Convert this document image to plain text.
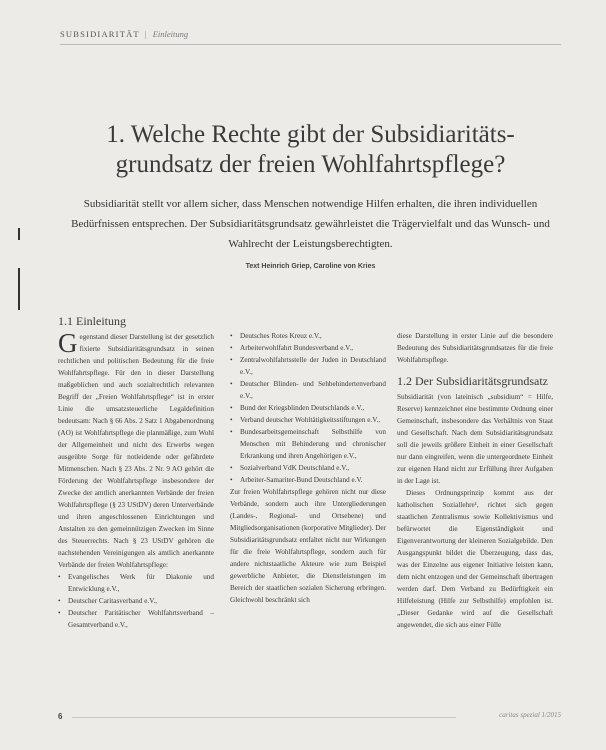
SUBSIDIARITÄT | Einleitung
1. Welche Rechte gibt der Subsidiaritäts-grundsatz der freien Wohlfahrtspflege?

Subsidiarität stellt vor allem sicher, dass Menschen notwendige Hilfen erhalten, die ihren individuellen Bedürfnissen entsprechen. Der Subsidiaritätsgrundsatz gewährleistet die Trägervielfalt und das Wunsch- und Wahlrecht der Leistungsberechtigten.

Text Heinrich Griep, Caroline von Kries
1.1 Einleitung

Gegenstand dieser Darstellung ist der gesetzlich fixierte Subsidiaritätsgrundsatz in seinen rechtlichen und politischen Bedeutung für die freie Wohlfahrtspflege. Für den in dieser Darstellung maßgeblichen und auch sozialrechtlich relevanten Begriff der „Freien Wohlfahrtspflege“ ist in erster Linie die umsatzsteuerliche Legaldefinition bedeutsam: Nach § 66 Abs. 2 Satz 1 Abgabenordnung (AO) ist Wohlfahrtspflege die planmäßige, zum Wohl der Allgemeinheit und nicht des Erwerbs wegen ausgeübte Sorge für notleidende oder gefährdete Mitmenschen. Nach § 23 Abs. 2 Nr. 9 AO gehört die Förderung der Wohlfahrtspflege insbesondere der Zwecke der amtlich anerkannten Verbände der freien Wohlfahrtspflege (§ 23 UStDV) deren Unterverbände und ihren angeschlossenen Einrichtungen und Anstalten zu den gemeinnützigen Zwecken im Sinne des Steuerrechts. Nach § 23 UStDV gehören die nachstehenden Vereinigungen als amtlich anerkannte Verbände der freien Wohlfahrtspflege:

• Evangelisches Werk für Diakonie und Entwicklung e.V.,
• Deutscher Caritasverband e.V.,
• Deutscher Paritätischer Wohlfahrtsverband – Gesamtverband e.V.,
• Deutsches Rotes Kreuz e.V.,
• Arbeiterwohlfahrt Bundesverband e.V.,
• Zentralwohlfahrtsstelle der Juden in Deutschland e.V.,
• Deutscher Blinden- und Sehbehindertenverband e.V.,
• Bund der Kriegsblinden Deutschlands e.V.,
• Verband deutscher Wohltätigkeitsstiftungen e.V.,
• Bundesarbeitsgemeinschaft Selbsthilfe von Menschen mit Behinderung und chronischer Erkrankung und ihren Angehörigen e.V.,
• Sozialverband VdK Deutschland e.V.,
• Arbeiter-Samariter-Bund Deutschland e.V.

Zur freien Wohlfahrtspflege gehören nicht nur diese Verbände, sondern auch ihre Untergliederungen (Landes-, Regional- und Ortsebene) und Mitgliedsorganisationen (korporative Mitglieder). Der Subsidiaritätsgrundsatz entfaltet nicht nur Wirkungen für die freie Wohlfahrtspflege, sondern auch für andere nichtstaatliche Akteure wie zum Beispiel gewerbliche Anbieter, die Dienstleistungen im Bereich der staatlichen sozialen Sicherung erbringen. Gleichwohl beschränkt sich

diese Darstellung in erster Linie auf die besondere Bedeutung des Subsidiaritätsgrundsatzes für die freie Wohlfahrtspflege.

1.2 Der Subsidiaritätsgrundsatz

Subsidiarität (von lateinisch „subsidium“ = Hilfe, Reserve) kennzeichnet eine bestimmte Ordnung einer Gemeinschaft, insbesondere das Verhältnis von Staat und Gesellschaft. Nach dem Subsidiaritätsgrundsatz soll die jeweils größere Einheit in einer Gesellschaft nur dann eingreifen, wenn die untergeordnete Einheit zur eigenen Hand nicht zur Erfüllung ihrer Aufgaben in der Lage ist.

Dieses Ordnungsprinzip kommt aus der katholischen Soziallehre¹, richtet sich gegen staatlichen Zentralismus sowie Kollektivismus und befürwortet die Eigenständigkeit und Eigenverantwortung der kleineren Sozialgebilde. Den Ausgangspunkt bildet die Überzeugung, dass das, was der Einzelne aus eigener Initiative leisten kann, dem nicht entzogen und der Gemeinschaft übertragen werden darf. Dem Verband zu Bedürftigkeit ein Hilfeleistung (Hilfe zur Selbsthilfe) empfohlen ist. „Dieser Gedanke wird auf die Gesellschaft angewendet, die sich aus einer Fülle

6	caritas spezial 1/2015
